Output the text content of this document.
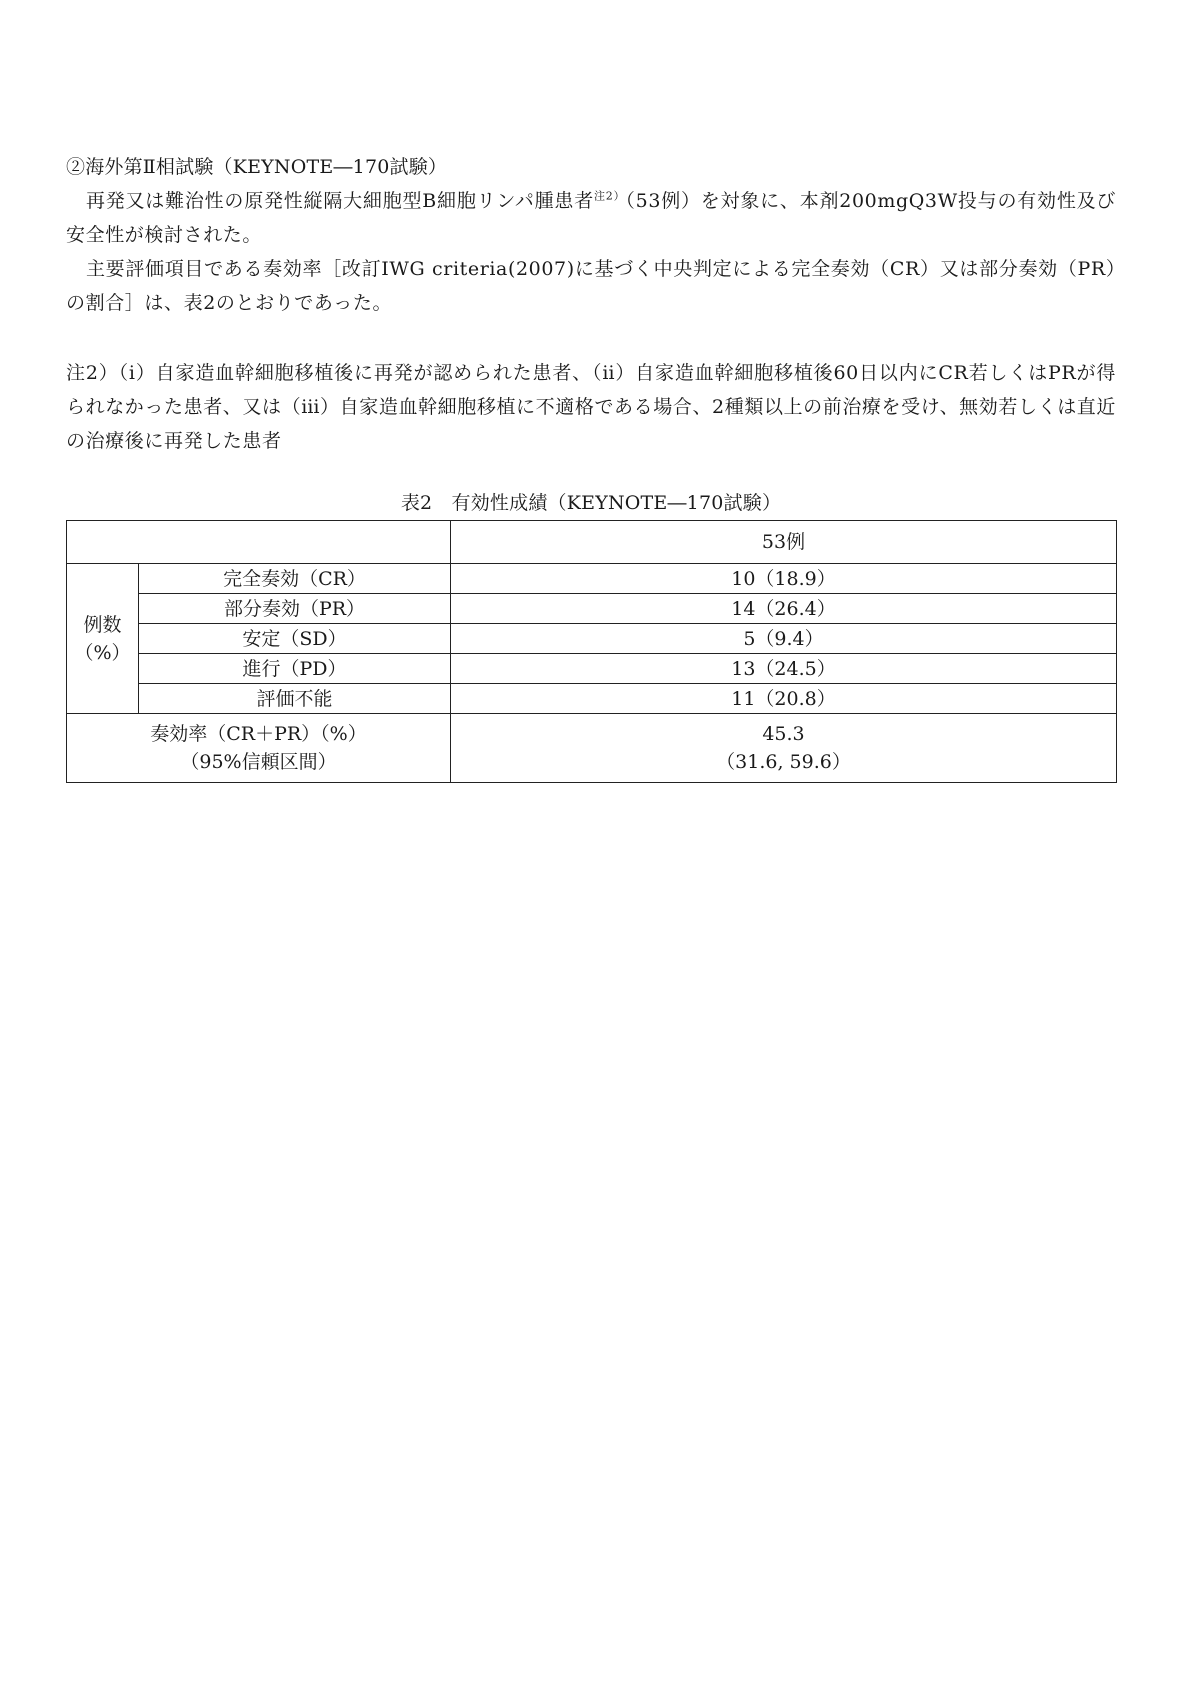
②海外第Ⅱ相試験（KEYNOTE―170試験）

再発又は難治性の原発性縦隔大細胞型B細胞リンパ腫患者$^{注2)}$（53例）を対象に、本剤200mgQ3W投与の有効性及び安全性が検討された。

主要評価項目である奏効率［改訂IWG criteria(2007)に基づく中央判定による完全奏効（CR）又は部分奏効（PR）の割合］は、表2のとおりであった。

注2）（ⅰ）自家造血幹細胞移植後に再発が認められた患者、（ⅱ）自家造血幹細胞移植後60日以内にCR若しくはPRが得られなかった患者、又は（ⅲ）自家造血幹細胞移植に不適格である場合、2種類以上の前治療を受け、無効若しくは直近の治療後に再発した患者

表2　有効性成績（KEYNOTE―170試験）
		53例

例数
（%）	完全奏効（CR）	10（18.9）
	部分奏効（PR）	14（26.4）
	安定（SD）	5（9.4）
	進行（PD）	13（24.5）
	評価不能	11（20.8）

奏効率（CR＋PR）（%）
（95%信頼区間）		45.3
（31.6, 59.6）
